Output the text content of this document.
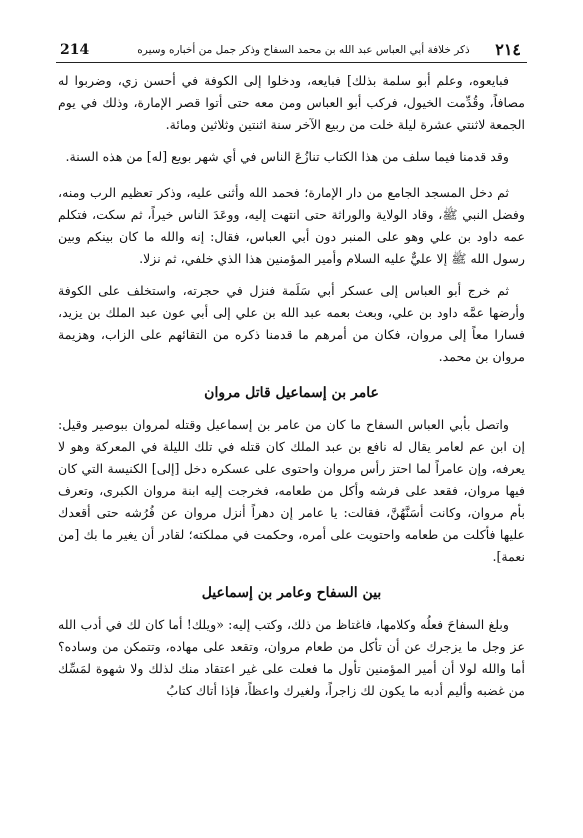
214	ذكر خلافة أبي العباس عبد الله بن محمد السفاح وذكر جمل من أخباره وسيره ٢١٤

فبايعوه، وعلم أبو سلمة بذلك] فبايعه، ودخلوا إلى الكوفة في أحسن زي، وضربوا له مصافاً، وقُدِّمت الخيول، فركب أبو العباس ومن معه حتى أتوا قصر الإمارة، وذلك في يوم الجمعة لاثنتي عشرة ليلة خلت من ربيع الآخر سنة اثنتين وثلاثين ومائة.

وقد قدمنا فيما سلف من هذا الكتاب تنازُعَ الناس في أي شهر بويع [له] من هذه السنة.

ثم دخل المسجد الجامع من دار الإمارة؛ فحمد الله وأثنى عليه، وذكر تعظيم الرب ومنه، وفضل النبي ﷺ، وقاد الولاية والوراثة حتى انتهت إليه، ووعَدَ الناس خيراً، ثم سكت، فتكلم عمه داود بن علي وهو على المنبر دون أبي العباس، فقال: إنه والله ما كان بينكم وبين رسول الله ﷺ إلا عليٌّ عليه السلام وأمير المؤمنين هذا الذي خلفي، ثم نزلا.

ثم خرج أبو العباس إلى عسكر أبي سَلَمة فنزل في حجرته، واستخلف على الكوفة وأرضها عمَّه داود بن علي، وبعث بعمه عبد الله بن علي إلى أبي عون عبد الملك بن يزيد، فسارا معاً إلى مروان، فكان من أمرهم ما قدمنا ذكره من التقائهم على الزاب، وهزيمة مروان بن محمد.

عامر بن إسماعيل قاتل مروان

واتصل بأبي العباس السفاح ما كان من عامر بن إسماعيل وقتله لمروان ببوصير وقيل: إن ابن عم لعامر يقال له نافع بن عبد الملك كان قتله في تلك الليلة في المعركة وهو لا يعرفه، وإن عامراً لما احتز رأس مروان واحتوى على عسكره دخل [إلى] الكنيسة التي كان فيها مروان، فقعد على فرشه وأكل من طعامه، فخرجت إليه ابنة مروان الكبرى، وتعرف بأم مروان، وكانت أسَنَّهُنَّ، فقالت: يا عامر إن دهراً أنزل مروان عن فُرُشه حتى أقعدك عليها فأكلت من طعامه واحتويت على أمره، وحكمت في مملكته؛ لقادر أن يغير ما بك [من نعمة].

بين السفاح وعامر بن إسماعيل

وبلغ السفاحَ فعلُه وكلامها، فاغتاظ من ذلك، وكتب إليه: «ويلك! أما كان لك في أدب الله عز وجل ما يزجرك عن أن تأكل من طعام مروان، وتقعد على مهاده، وتتمكن من وساده؟ أما والله لولا أن أمير المؤمنين تأول ما فعلت على غير اعتقاد منك لذلك ولا شهوة لمَسِّك من غضبه وأليم أدبه ما يكون لك زاجراً، ولغيرك واعظاً، فإذا أتاك كتابُ
